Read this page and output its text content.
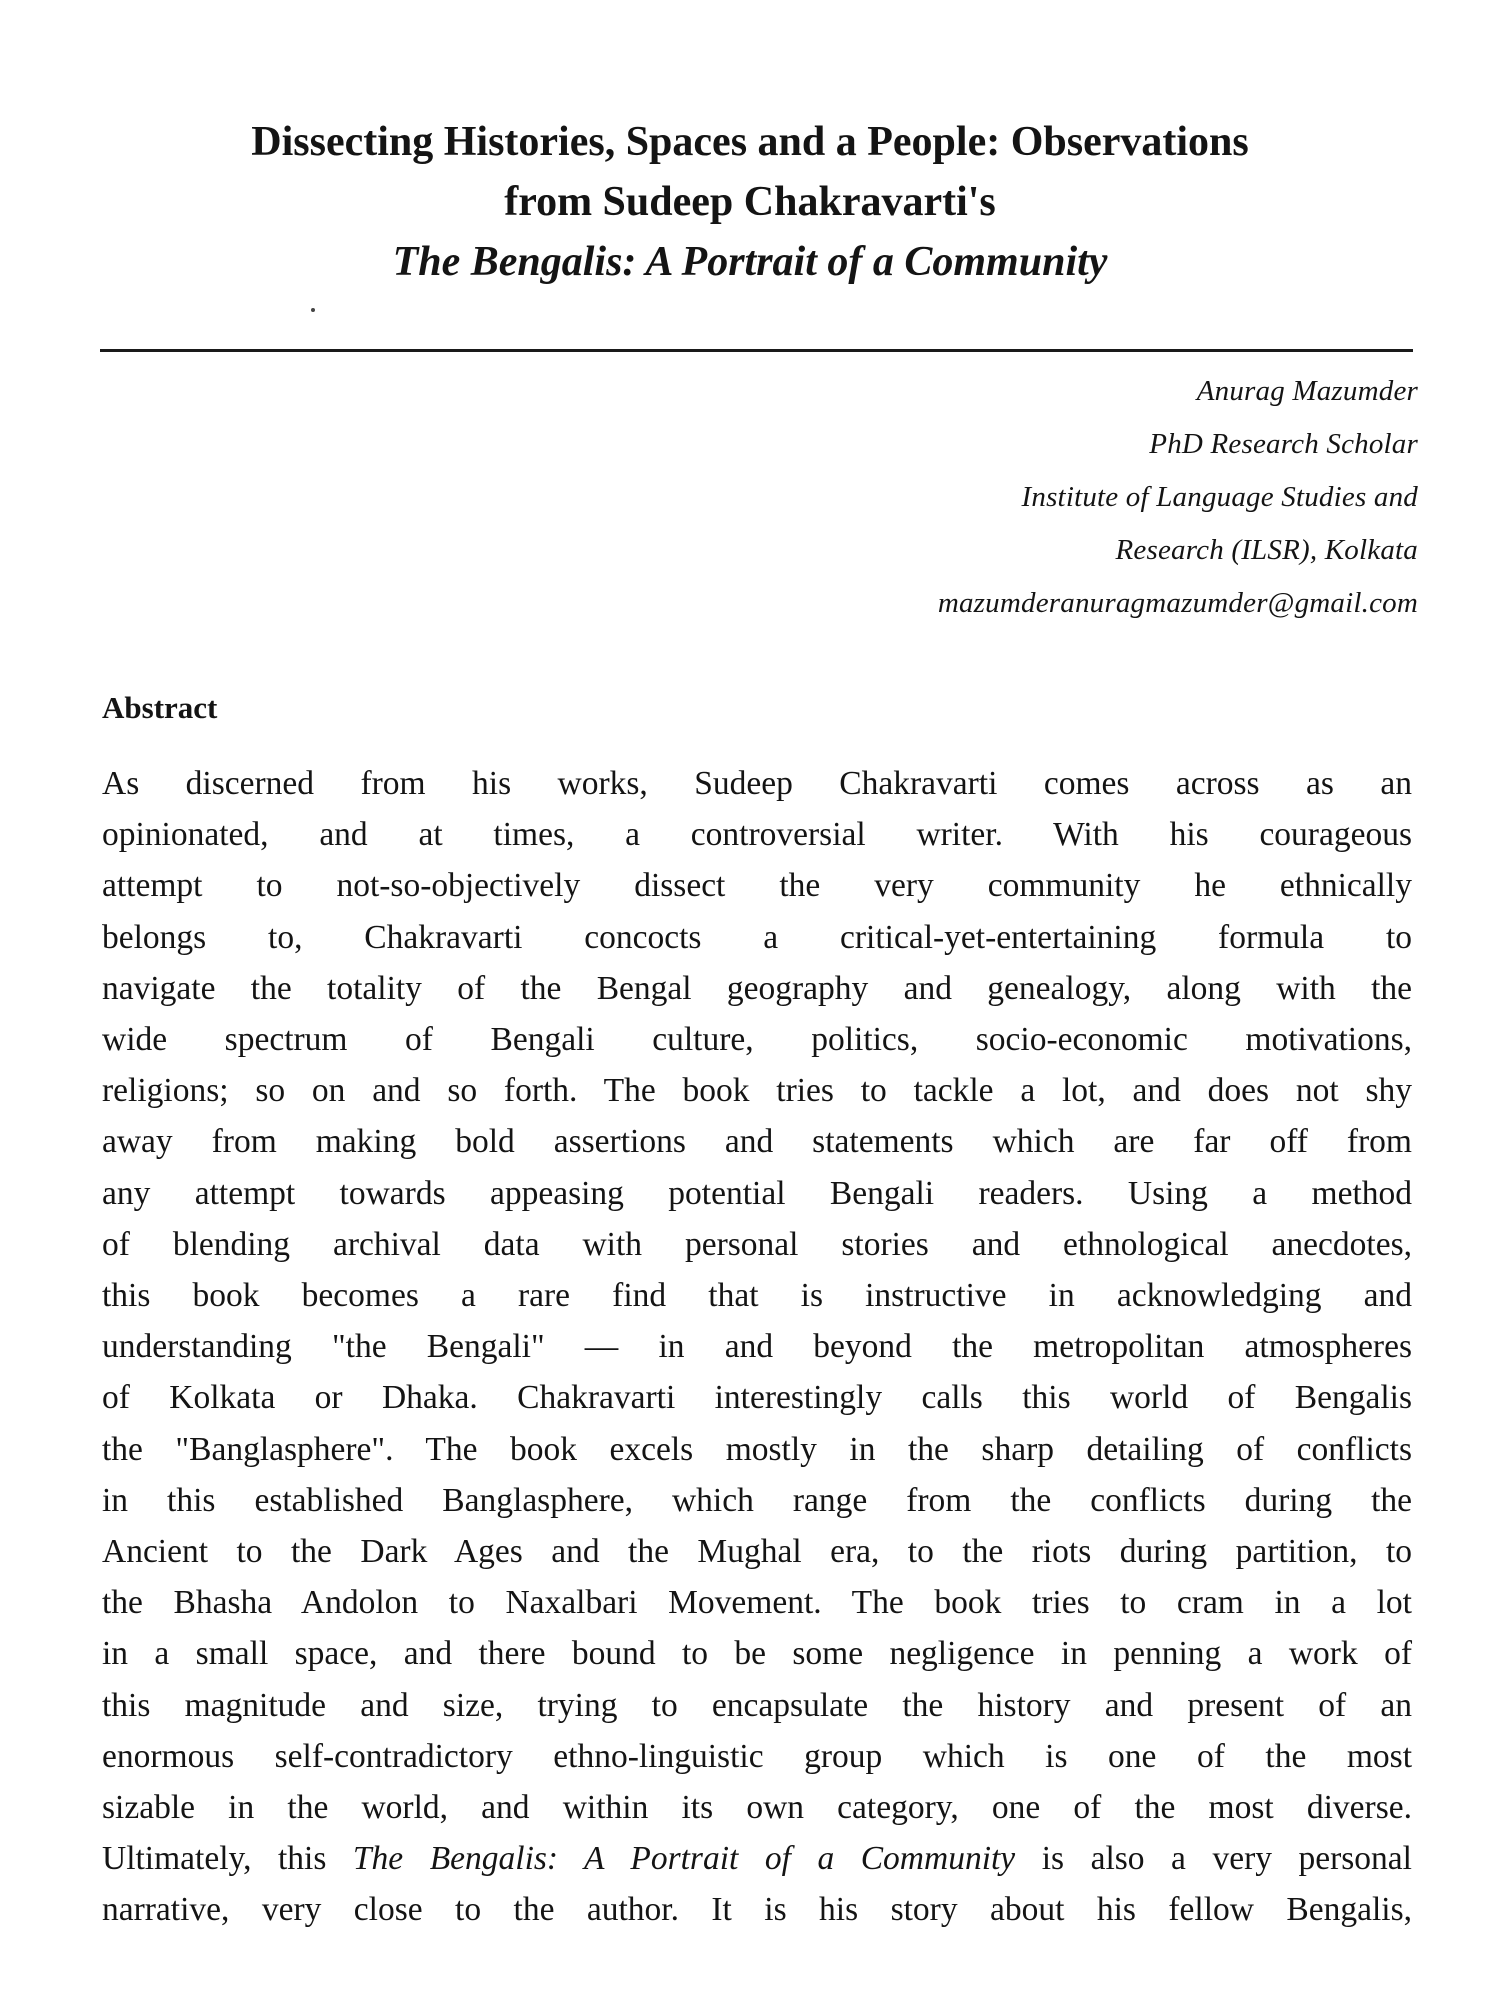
Dissecting Histories, Spaces and a People: Observations
from Sudeep Chakravarti's
The Bengalis: A Portrait of a Community
Anurag Mazumder
PhD Research Scholar
Institute of Language Studies and
Research (ILSR), Kolkata
mazumderanuragmazumder@gmail.com
Abstract
As discerned from his works, Sudeep Chakravarti comes across as an
opinionated, and at times, a controversial writer. With his courageous
attempt to not-so-objectively dissect the very community he ethnically
belongs to, Chakravarti concocts a critical-yet-entertaining formula to
navigate the totality of the Bengal geography and genealogy, along with the
wide spectrum of Bengali culture, politics, socio-economic motivations,
religions; so on and so forth. The book tries to tackle a lot, and does not shy
away from making bold assertions and statements which are far off from
any attempt towards appeasing potential Bengali readers. Using a method
of blending archival data with personal stories and ethnological anecdotes,
this book becomes a rare find that is instructive in acknowledging and
understanding "the Bengali" — in and beyond the metropolitan atmospheres
of Kolkata or Dhaka. Chakravarti interestingly calls this world of Bengalis
the "Banglasphere". The book excels mostly in the sharp detailing of conflicts
in this established Banglasphere, which range from the conflicts during the
Ancient to the Dark Ages and the Mughal era, to the riots during partition, to
the Bhasha Andolon to Naxalbari Movement. The book tries to cram in a lot
in a small space, and there bound to be some negligence in penning a work of
this magnitude and size, trying to encapsulate the history and present of an
enormous self-contradictory ethno-linguistic group which is one of the most
sizable in the world, and within its own category, one of the most diverse.
Ultimately, this The Bengalis: A Portrait of a Community is also a very personal
narrative, very close to the author. It is his story about his fellow Bengalis,
